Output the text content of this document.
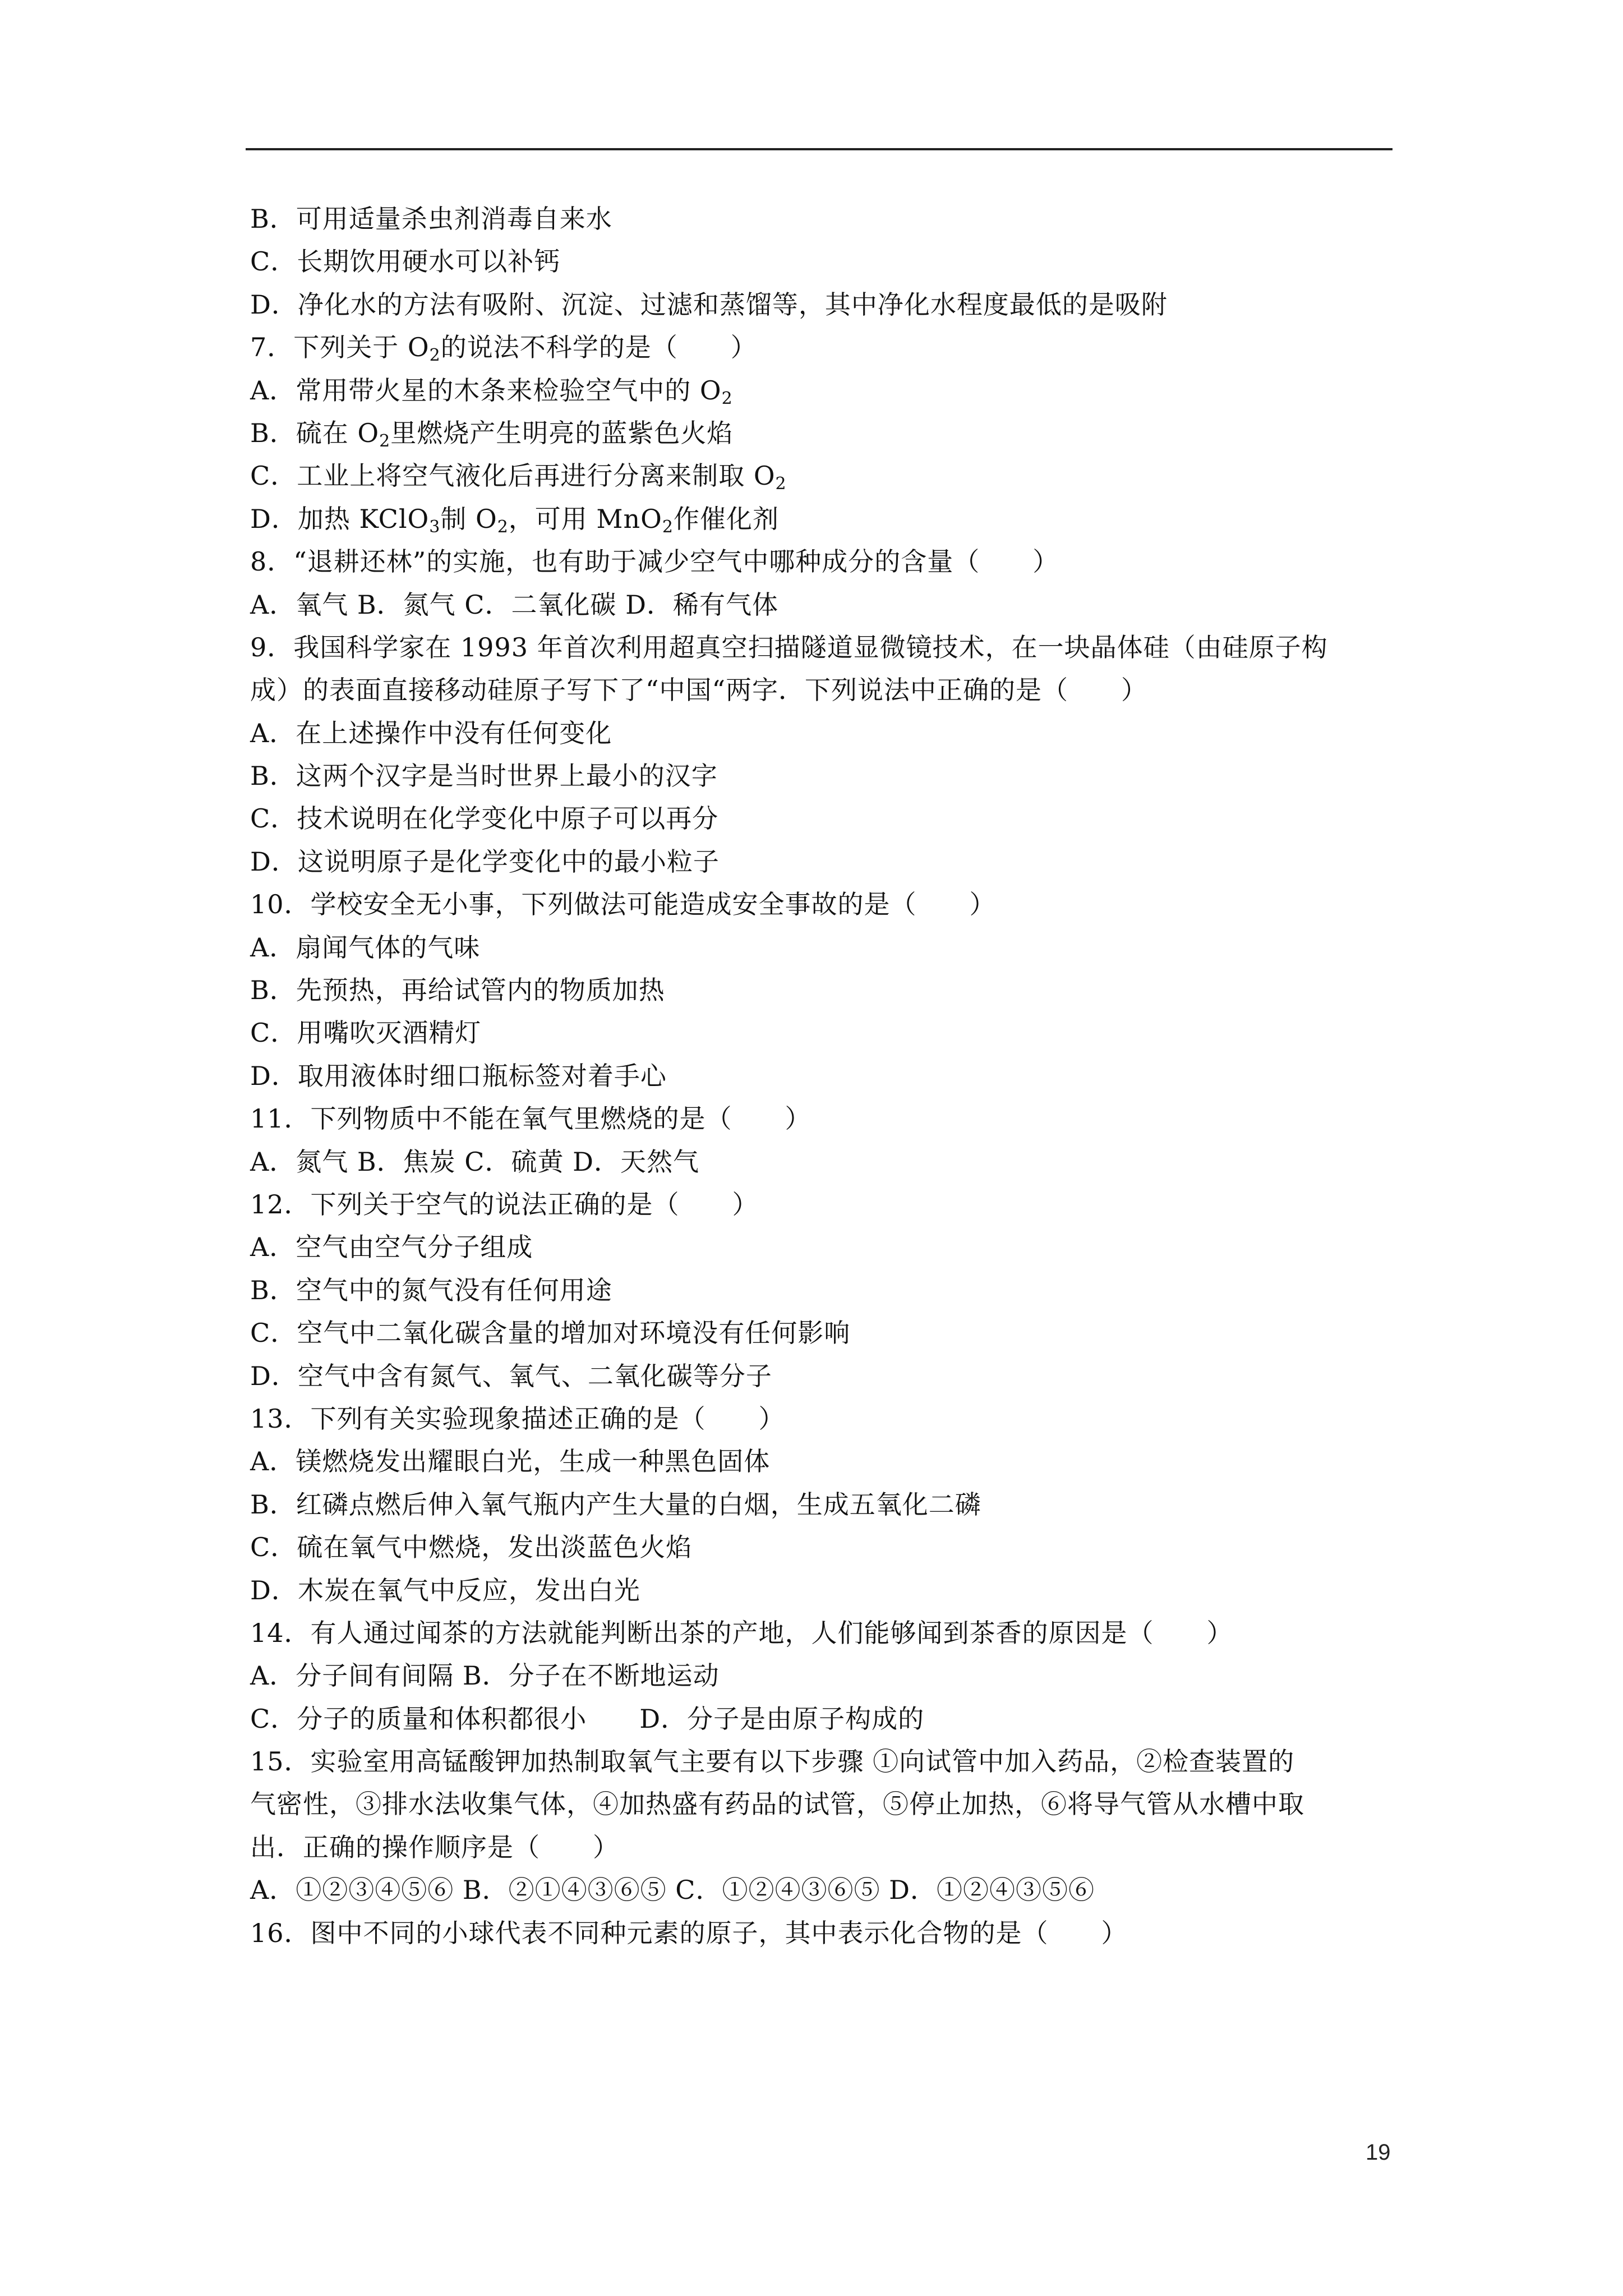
B．可用适量杀虫剂消毒自来水
C．长期饮用硬水可以补钙
D．净化水的方法有吸附、沉淀、过滤和蒸馏等，其中净化水程度最低的是吸附
7．下列关于 $O_2$的说法不科学的是（　　）
A．常用带火星的木条来检验空气中的 $O_2$
B．硫在 $O_2$里燃烧产生明亮的蓝紫色火焰
C．工业上将空气液化后再进行分离来制取 $O_2$
D．加热 KClO$_3$制 $O_2$，可用 MnO$_2$作催化剂
8．“退耕还林”的实施，也有助于减少空气中哪种成分的含量（　　）
A．氧气 B．氮气 C．二氧化碳 D．稀有气体
9．我国科学家在 1993 年首次利用超真空扫描隧道显微镜技术，在一块晶体硅（由硅原子构
成）的表面直接移动硅原子写下了“中国“两字．下列说法中正确的是（　　）
A．在上述操作中没有任何变化
B．这两个汉字是当时世界上最小的汉字
C．技术说明在化学变化中原子可以再分
D．这说明原子是化学变化中的最小粒子
10．学校安全无小事，下列做法可能造成安全事故的是（　　）
A．扇闻气体的气味
B．先预热，再给试管内的物质加热
C．用嘴吹灭酒精灯
D．取用液体时细口瓶标签对着手心
11．下列物质中不能在氧气里燃烧的是（　　）
A．氮气 B．焦炭 C．硫黄 D．天然气
12．下列关于空气的说法正确的是（　　）
A．空气由空气分子组成
B．空气中的氮气没有任何用途
C．空气中二氧化碳含量的增加对环境没有任何影响
D．空气中含有氮气、氧气、二氧化碳等分子
13．下列有关实验现象描述正确的是（　　）
A．镁燃烧发出耀眼白光，生成一种黑色固体
B．红磷点燃后伸入氧气瓶内产生大量的白烟，生成五氧化二磷
C．硫在氧气中燃烧，发出淡蓝色火焰
D．木炭在氧气中反应，发出白光
14．有人通过闻茶的方法就能判断出茶的产地，人们能够闻到茶香的原因是（　　）
A．分子间有间隔 B．分子在不断地运动
C．分子的质量和体积都很小　　D．分子是由原子构成的
15．实验室用高锰酸钾加热制取氧气主要有以下步骤 ①向试管中加入药品，②检查装置的
气密性，③排水法收集气体，④加热盛有药品的试管，⑤停止加热，⑥将导气管从水槽中取
出．正确的操作顺序是（　　）
A．①②③④⑤⑥ B．②①④③⑥⑤ C．①②④③⑥⑤ D．①②④③⑤⑥
16．图中不同的小球代表不同种元素的原子，其中表示化合物的是（　　）
19
